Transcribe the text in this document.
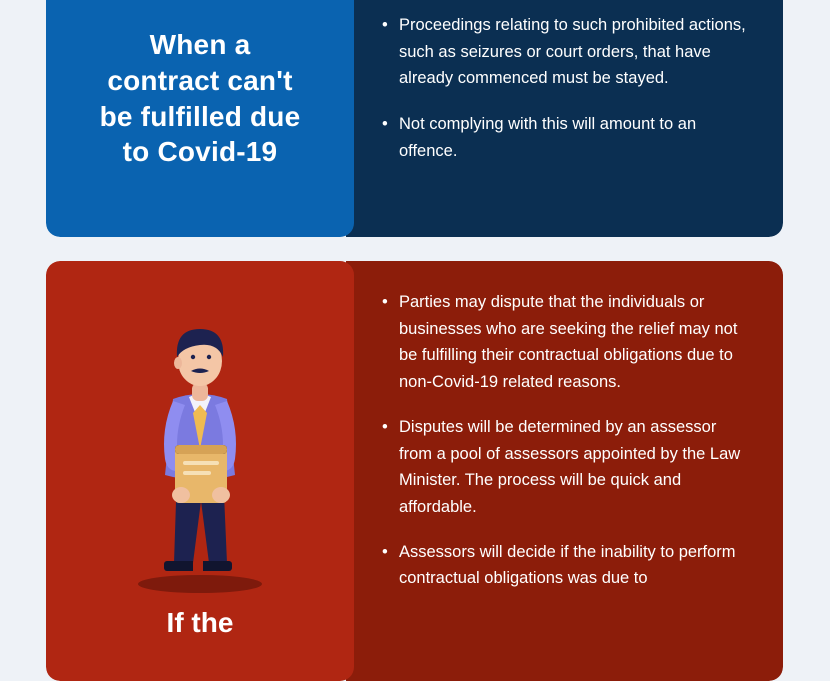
When a
contract can't
be fulfilled due
to Covid-19
• Proceedings relating to such prohibited actions, such as seizures or court orders, that have already commenced must be stayed.
• Not complying with this will amount to an offence.
If the
• Parties may dispute that the individuals or businesses who are seeking the relief may not be fulfilling their contractual obligations due to non-Covid-19 related reasons.
• Disputes will be determined by an assessor from a pool of assessors appointed by the Law Minister. The process will be quick and affordable.
• Assessors will decide if the inability to perform contractual obligations was due to
